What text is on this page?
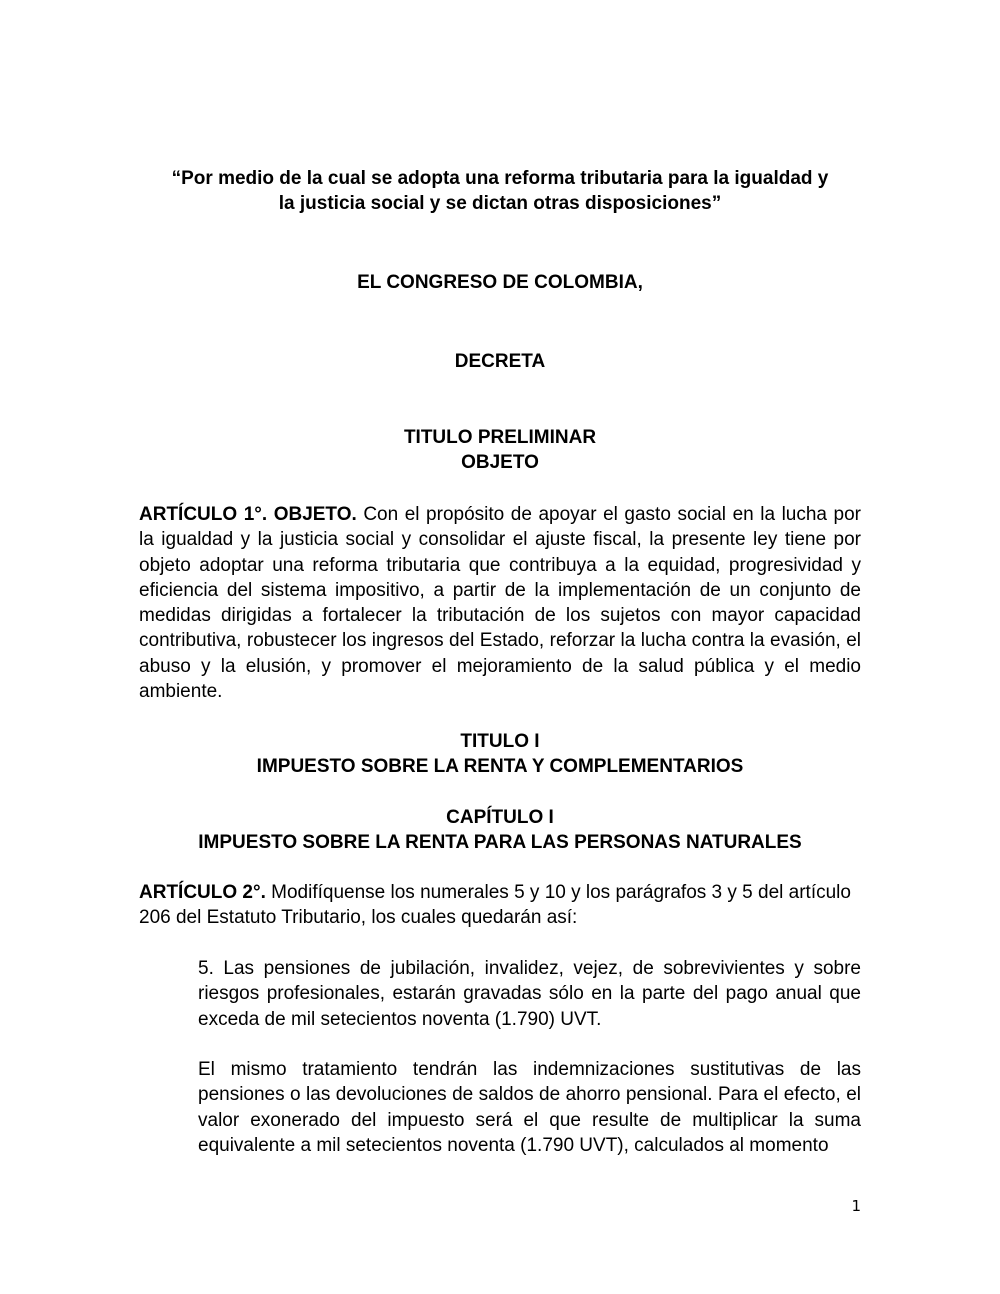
“Por medio de la cual se adopta una reforma tributaria para la igualdad y
la justicia social y se dictan otras disposiciones”
EL CONGRESO DE COLOMBIA,
DECRETA
TITULO PRELIMINAR
OBJETO
ARTÍCULO 1°. OBJETO. Con el propósito de apoyar el gasto social en la lucha por la igualdad y la justicia social y consolidar el ajuste fiscal, la presente ley tiene por objeto adoptar una reforma tributaria que contribuya a la equidad, progresividad y eficiencia del sistema impositivo, a partir de la implementación de un conjunto de medidas dirigidas a fortalecer la tributación de los sujetos con mayor capacidad contributiva, robustecer los ingresos del Estado, reforzar la lucha contra la evasión, el abuso y la elusión, y promover el mejoramiento de la salud pública y el medio ambiente.
TITULO I
IMPUESTO SOBRE LA RENTA Y COMPLEMENTARIOS
CAPÍTULO I
IMPUESTO SOBRE LA RENTA PARA LAS PERSONAS NATURALES
ARTÍCULO 2°. Modifíquense los numerales 5 y 10 y los parágrafos 3 y 5 del artículo 206 del Estatuto Tributario, los cuales quedarán así:
5. Las pensiones de jubilación, invalidez, vejez, de sobrevivientes y sobre riesgos profesionales, estarán gravadas sólo en la parte del pago anual que exceda de mil setecientos noventa (1.790) UVT.
El mismo tratamiento tendrán las indemnizaciones sustitutivas de las pensiones o las devoluciones de saldos de ahorro pensional. Para el efecto, el valor exonerado del impuesto será el que resulte de multiplicar la suma equivalente a mil setecientos noventa (1.790 UVT), calculados al momento
1
